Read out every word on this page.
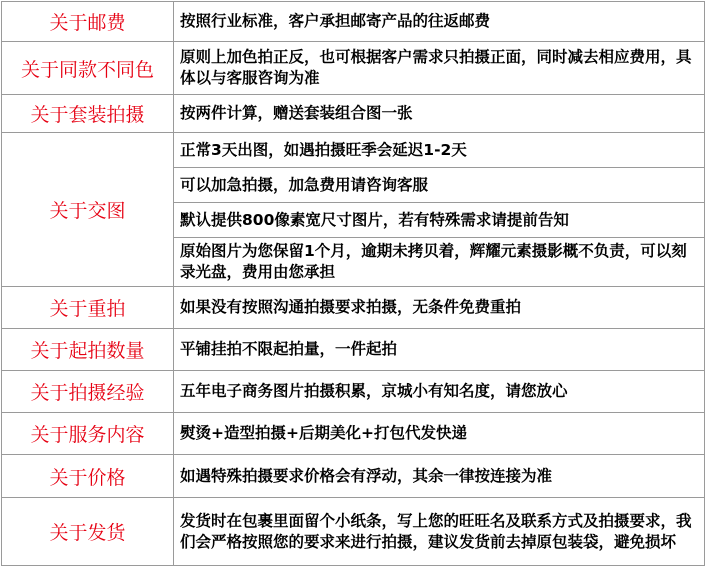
关于邮费	按照行业标准，客户承担邮寄产品的往返邮费
关于同款不同色	原则上加色拍正反，也可根据客户需求只拍摄正面，同时减去相应费用，具体以与客服咨询为准
关于套装拍摄	按两件计算，赠送套装组合图一张
关于交图	正常3天出图，如遇拍摄旺季会延迟1-2天
	可以加急拍摄，加急费用请咨询客服
	默认提供800像素宽尺寸图片，若有特殊需求请提前告知
	原始图片为您保留1个月，逾期未拷贝着，辉耀元素摄影概不负责，可以刻录光盘，费用由您承担
关于重拍	如果没有按照沟通拍摄要求拍摄，无条件免费重拍
关于起拍数量	平铺挂拍不限起拍量，一件起拍
关于拍摄经验	五年电子商务图片拍摄积累，京城小有知名度，请您放心
关于服务内容	熨烫+造型拍摄+后期美化+打包代发快递
关于价格	如遇特殊拍摄要求价格会有浮动，其余一律按连接为准
关于发货	发货时在包裹里面留个小纸条，写上您的旺旺名及联系方式及拍摄要求，我们会严格按照您的要求来进行拍摄，建议发货前去掉原包装袋，避免损坏
